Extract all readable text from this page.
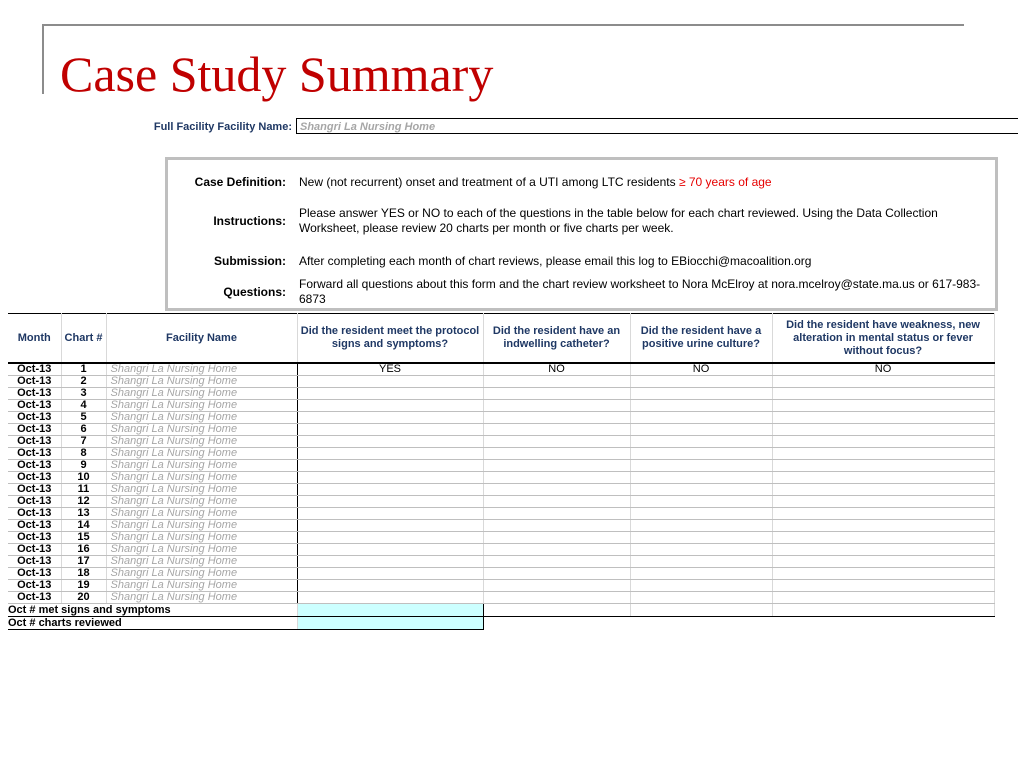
Case Study Summary
Full Facility Facility Name: Shangri La Nursing Home
Case Definition: New (not recurrent) onset and treatment of a UTI among LTC residents ≥ 70 years of age
Instructions:
Please answer YES or NO to each of the questions in the table below for each chart reviewed. Using the Data Collection Worksheet, please review 20 charts per month or five charts per week.
Submission: After completing each month of chart reviews, please email this log to EBiocchi@macoalition.org
Questions:
Forward all questions about this form and the chart review worksheet to Nora McElroy at nora.mcelroy@state.ma.us or 617-983-6873
Month	Chart #	Facility Name	Did the resident meet the protocol signs and symptoms?	Did the resident have an indwelling catheter?	Did the resident have a positive urine culture?	Did the resident have weakness, new alteration in mental status or fever without focus?
Oct-13	1	Shangri La Nursing Home	YES	NO	NO	NO
Oct-13	2	Shangri La Nursing Home				
Oct-13	3	Shangri La Nursing Home				
Oct-13	4	Shangri La Nursing Home				
Oct-13	5	Shangri La Nursing Home				
Oct-13	6	Shangri La Nursing Home				
Oct-13	7	Shangri La Nursing Home				
Oct-13	8	Shangri La Nursing Home				
Oct-13	9	Shangri La Nursing Home				
Oct-13	10	Shangri La Nursing Home				
Oct-13	11	Shangri La Nursing Home				
Oct-13	12	Shangri La Nursing Home				
Oct-13	13	Shangri La Nursing Home				
Oct-13	14	Shangri La Nursing Home				
Oct-13	15	Shangri La Nursing Home				
Oct-13	16	Shangri La Nursing Home				
Oct-13	17	Shangri La Nursing Home				
Oct-13	18	Shangri La Nursing Home				
Oct-13	19	Shangri La Nursing Home				
Oct-13	20	Shangri La Nursing Home				
Oct # met signs and symptoms						
Oct # charts reviewed						
